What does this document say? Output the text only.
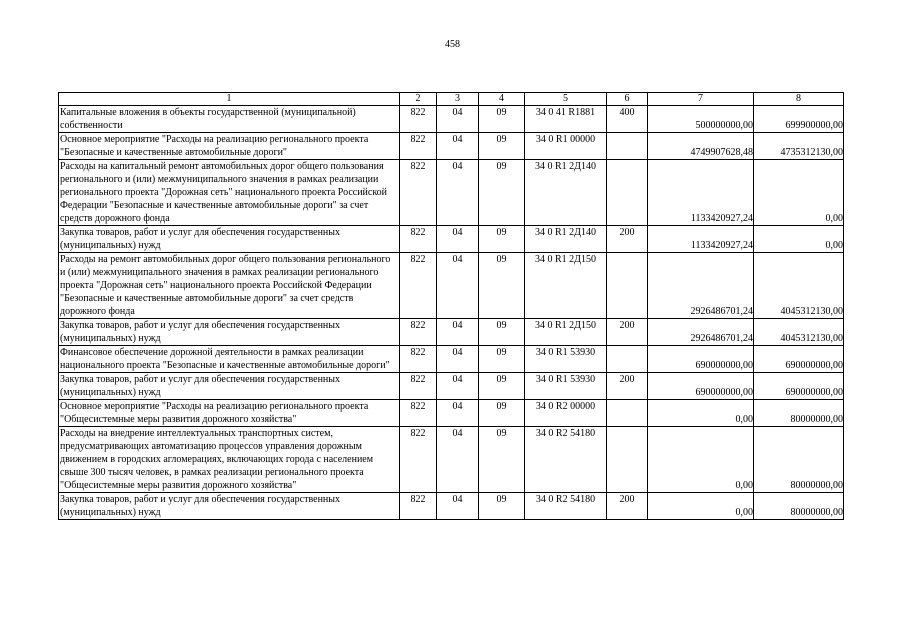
458
1	2	3	4	5	6	7	8
Капитальные вложения в объекты государственной (муниципальной) собственности	822	04	09	34 0 41 R1881	400	500000000,00	699900000,00
Основное мероприятие "Расходы на реализацию регионального проекта "Безопасные и качественные автомобильные дороги"	822	04	09	34 0 R1 00000		4749907628,48	4735312130,00
Расходы на капитальный ремонт автомобильных дорог общего пользования регионального и (или) межмуниципального значения в рамках реализации регионального проекта "Дорожная сеть" национального проекта Российской Федерации "Безопасные и качественные автомобильные дороги" за счет средств дорожного фонда	822	04	09	34 0 R1 2Д140		1133420927,24	0,00
Закупка товаров, работ и услуг для обеспечения государственных (муниципальных) нужд	822	04	09	34 0 R1 2Д140	200	1133420927,24	0,00
Расходы на ремонт автомобильных дорог общего пользования регионального и (или) межмуниципального значения в рамках реализации регионального проекта "Дорожная сеть" национального проекта Российской Федерации "Безопасные и качественные автомобильные дороги" за счет средств дорожного фонда	822	04	09	34 0 R1 2Д150		2926486701,24	4045312130,00
Закупка товаров, работ и услуг для обеспечения государственных (муниципальных) нужд	822	04	09	34 0 R1 2Д150	200	2926486701,24	4045312130,00
Финансовое обеспечение дорожной деятельности в рамках реализации национального проекта "Безопасные и качественные автомобильные дороги"	822	04	09	34 0 R1 53930		690000000,00	690000000,00
Закупка товаров, работ и услуг для обеспечения государственных (муниципальных) нужд	822	04	09	34 0 R1 53930	200	690000000,00	690000000,00
Основное мероприятие "Расходы на реализацию регионального проекта "Общесистемные меры развития дорожного хозяйства"	822	04	09	34 0 R2 00000		0,00	80000000,00
Расходы на внедрение интеллектуальных транспортных систем, предусматривающих автоматизацию процессов управления дорожным движением в городских агломерациях, включающих города с населением свыше 300 тысяч человек, в рамках реализации регионального проекта "Общесистемные меры развития дорожного хозяйства"	822	04	09	34 0 R2 54180		0,00	80000000,00
Закупка товаров, работ и услуг для обеспечения государственных (муниципальных) нужд	822	04	09	34 0 R2 54180	200	0,00	80000000,00
